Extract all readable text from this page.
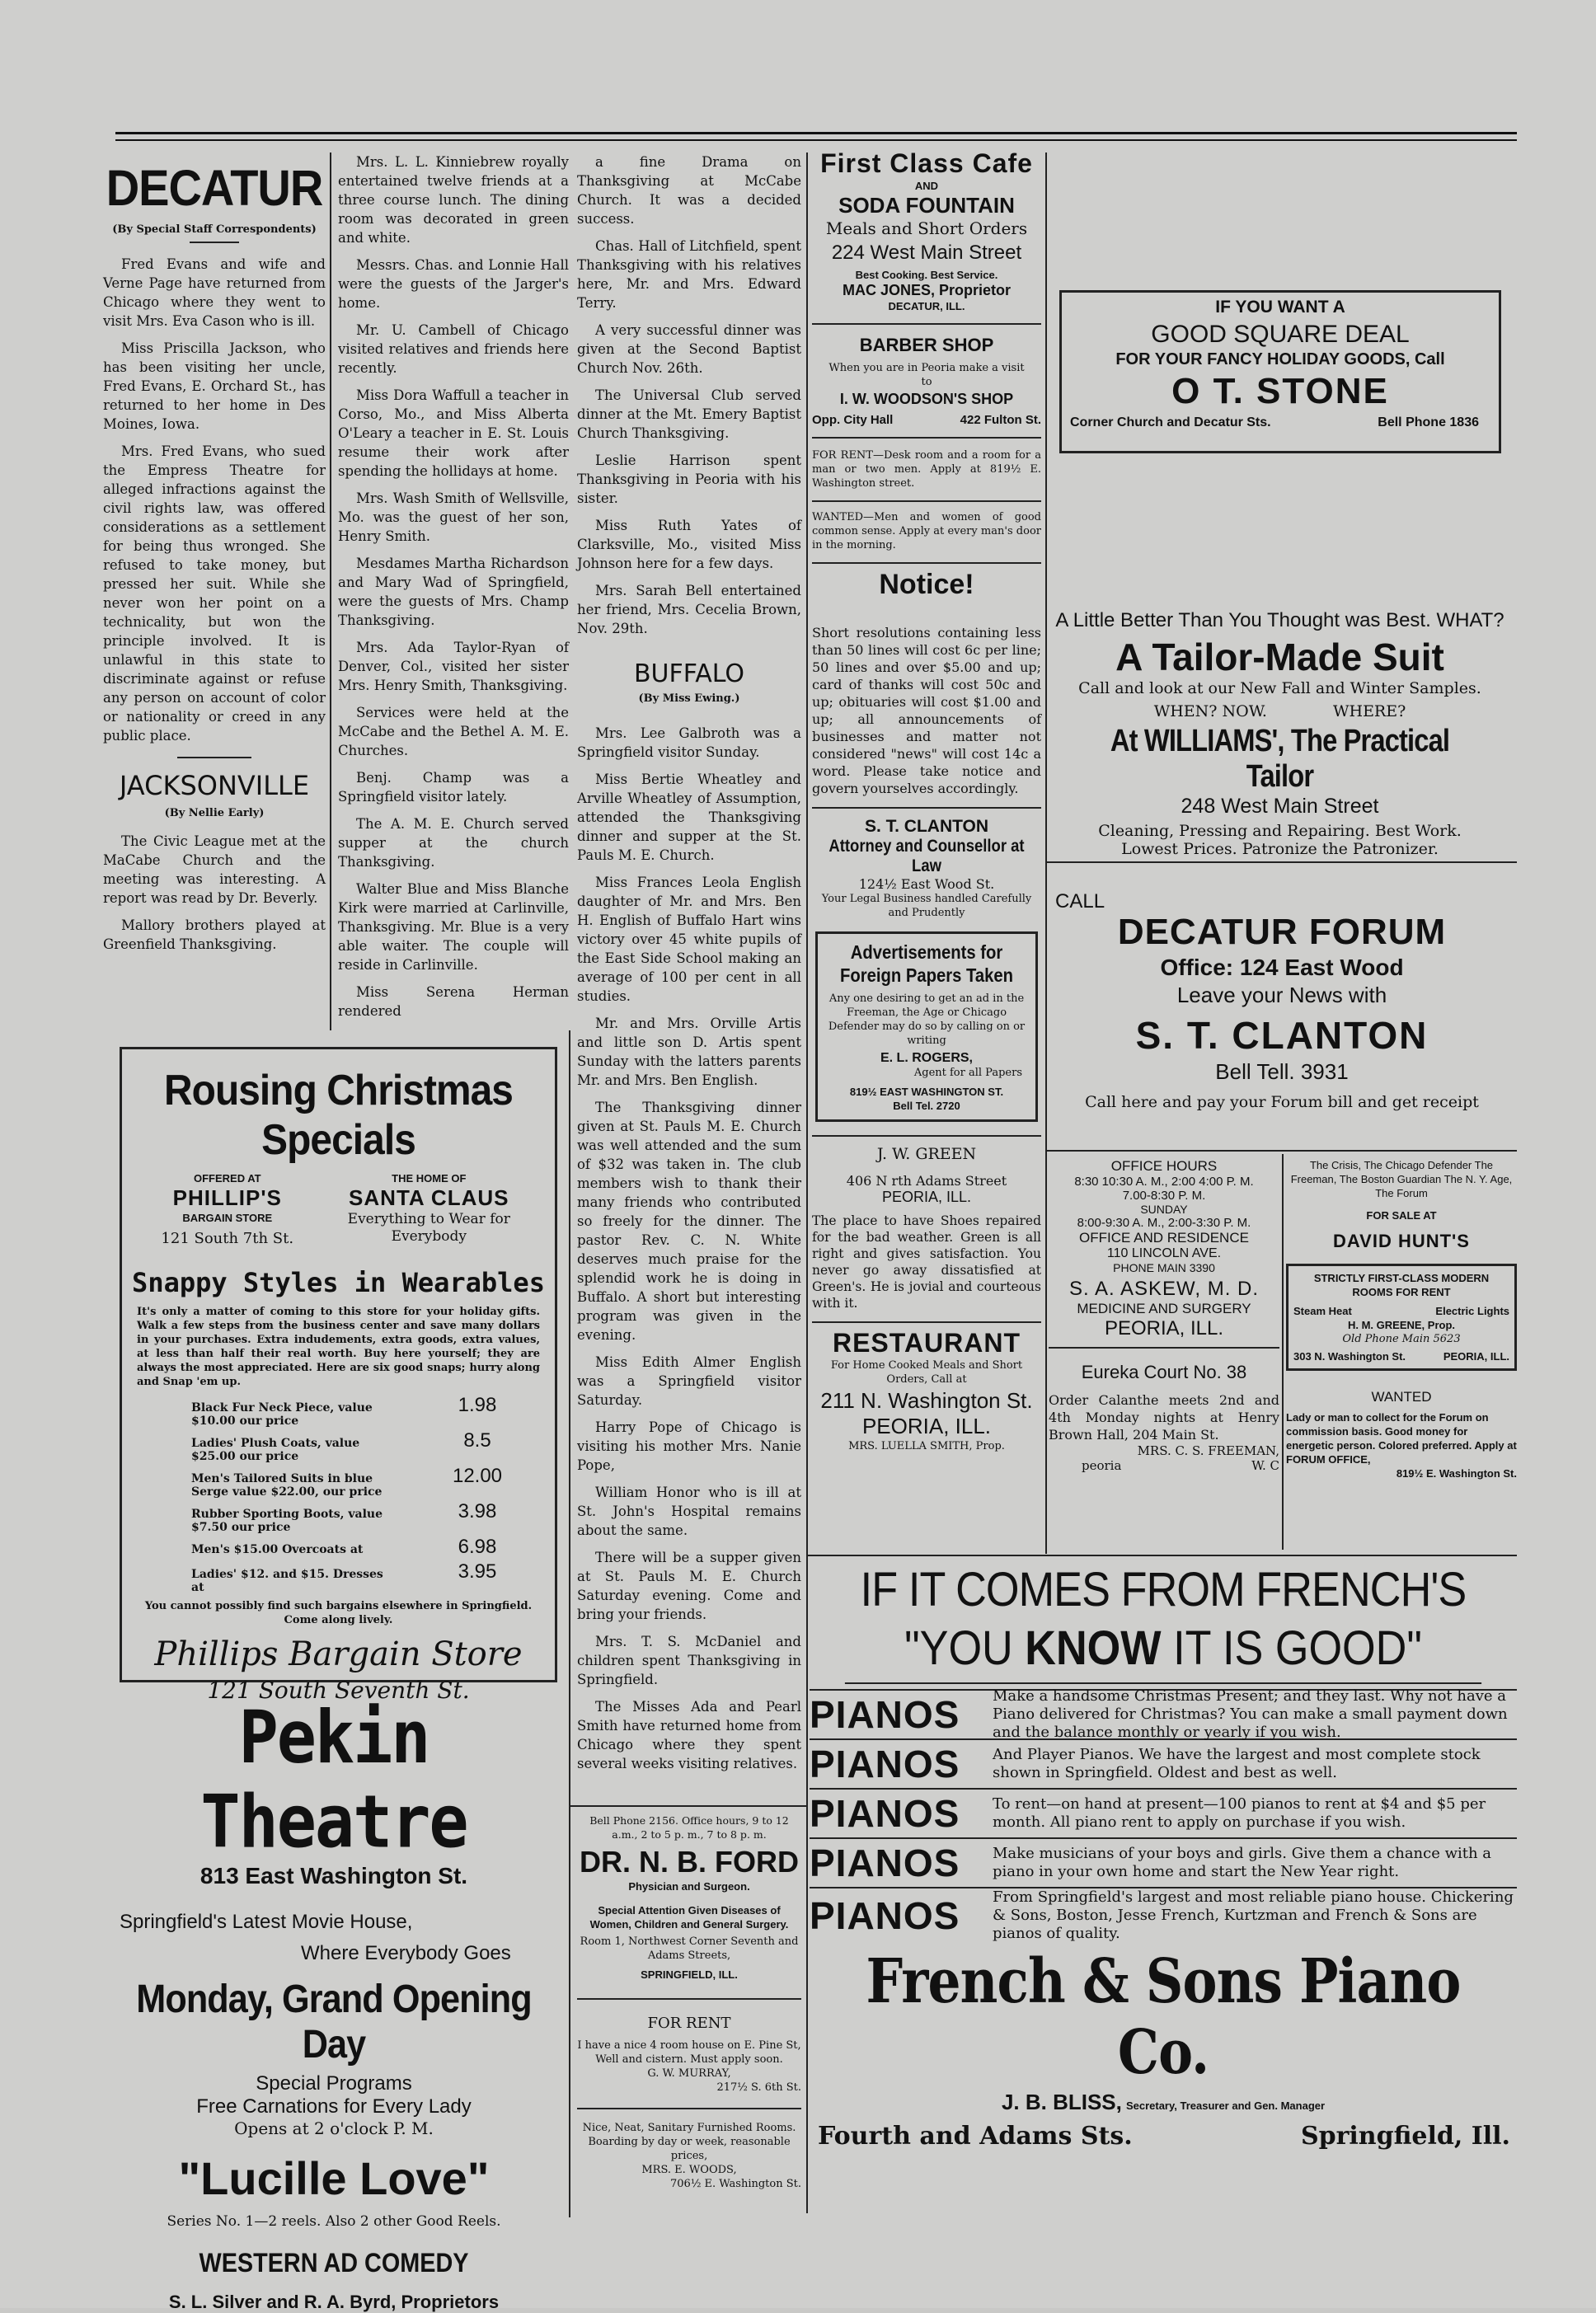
DECATUR
(By Special Staff Correspondents)

Fred Evans and wife and Verne Page have returned from Chicago where they went to visit Mrs. Eva Cason who is ill.

Miss Priscilla Jackson, who has been visiting her uncle, Fred Evans, E. Orchard St., has returned to her home in Des Moines, Iowa.

Mrs. Fred Evans, who sued the Empress Theatre for alleged infractions against the civil rights law, was offered considerations as a settlement for being thus wronged. She refused to take money, but pressed her suit. While she never won her point on a technicality, but won the principle involved. It is unlawful in this state to discriminate against or refuse any person on account of color or nationality or creed in any public place.

JACKSONVILLE
(By Nellie Early)

The Civic League met at the MaCabe Church and the meeting was interesting. A report was read by Dr. Beverly.

Mallory brothers played at Greenfield Thanksgiving.

Mrs. L. L. Kinniebrew royally entertained twelve friends at a three course lunch. The dining room was decorated in green and white.

Messrs. Chas. and Lonnie Hall were the guests of the Jarger's home.

Mr. U. Cambell of Chicago visited relatives and friends here recently.

Miss Dora Waffull a teacher in Corso, Mo., and Miss Alberta O'Leary a teacher in E. St. Louis resume their work after spending the hollidays at home.

Mrs. Wash Smith of Wellsville, Mo. was the guest of her son, Henry Smith.

Mesdames Martha Richardson and Mary Wad of Springfield, were the guests of Mrs. Champ Thanksgiving.

Mrs. Ada Taylor-Ryan of Denver, Col., visited her sister Mrs. Henry Smith, Thanksgiving.

Services were held at the McCabe and the Bethel A. M. E. Churches.

Benj. Champ was a Springfield visitor lately.

The A. M. E. Church served supper at the church Thanksgiving.

Walter Blue and Miss Blanche Kirk were married at Carlinville, Thanksgiving. Mr. Blue is a very able waiter. The couple will reside in Carlinville.

Miss Serena Herman rendered

a fine Drama on Thanksgiving at McCabe Church. It was a decided success.

Chas. Hall of Litchfield, spent Thanksgiving with his relatives here, Mr. and Mrs. Edward Terry.

A very successful dinner was given at the Second Baptist Church Nov. 26th.

The Universal Club served dinner at the Mt. Emery Baptist Church Thanksgiving.

Leslie Harrison spent Thanksgiving in Peoria with his sister.

Miss Ruth Yates of Clarksville, Mo., visited Miss Johnson here for a few days.

Mrs. Sarah Bell entertained her friend, Mrs. Cecelia Brown, Nov. 29th.

BUFFALO
(By Miss Ewing.)

Mrs. Lee Galbroth was a Springfield visitor Sunday.

Miss Bertie Wheatley and Arville Wheatley of Assumption, attended the Thanksgiving dinner and supper at the St. Pauls M. E. Church.

Miss Frances Leola English daughter of Mr. and Mrs. Ben H. English of Buffalo Hart wins victory over 45 white pupils of the East Side School making an average of 100 per cent in all studies.

Mr. and Mrs. Orville Artis and little son D. Artis spent Sunday with the latters parents Mr. and Mrs. Ben English.

The Thanksgiving dinner given at St. Pauls M. E. Church was well attended and the sum of $32 was taken in. The club members wish to thank their many friends who contributed so freely for the dinner. The pastor Rev. C. N. White deserves much praise for the splendid work he is doing in Buffalo. A short but interesting program was given in the evening.

Miss Edith Almer English was a Springfield visitor Saturday.

Harry Pope of Chicago is visiting his mother Mrs. Nanie Pope,

William Honor who is ill at St. John's Hospital remains about the same.

There will be a supper given at St. Pauls M. E. Church Saturday evening. Come and bring your friends.

Mrs. T. S. McDaniel and children spent Thanksgiving in Springfield.

The Misses Ada and Pearl Smith have returned home from Chicago where they spent several weeks visiting relatives.

Bell Phone 2156. Office hours, 9 to 12 a.m., 2 to 5 p. m., 7 to 8 p. m.
DR. N. B. FORD
Physician and Surgeon.
Special Attention Given Diseases of Women, Children and General Surgery.
Room 1, Northwest Corner Seventh and Adams Streets,
SPRINGFIELD, ILL.
FOR RENT
I have a nice 4 room house on E. Pine St, Well and cistern. Must apply soon.
G. W. MURRAY,
217½ S. 6th St.
Nice, Neat, Sanitary Furnished Rooms. Boarding by day or week, reasonable prices,
MRS. E. WOODS,
706½ E. Washington St.
Rousing Christmas Specials
OFFERED AT
PHILLIP'S
BARGAIN STORE
121 South 7th St.
THE HOME OF
SANTA CLAUS
Everything to Wear for Everybody
Snappy Styles in Wearables
It's only a matter of coming to this store for your holiday gifts. Walk a few steps from the business center and save many dollars in your purchases. Extra indudements, extra goods, extra values, at less than half their real worth. Buy here yourself; they are always the most appreciated. Here are six good snaps; hurry along and Snap 'em up.
Black Fur Neck Piece, value $10.00 our price
1.98
Ladies' Plush Coats, value $25.00 our price
8.5
Men's Tailored Suits in blue Serge value $22.00, our price
12.00
Rubber Sporting Boots, value $7.50 our price
3.98
Men's $15.00 Overcoats at	6.98
Ladies' $12. and $15. Dresses at
3.95
You cannot possibly find such bargains elsewhere in Springfield. Come along lively.
Phillips Bargain Store
121 South Seventh St.
Pekin Theatre
813 East Washington St.
Springfield's Latest Movie House,
Where Everybody Goes
Monday, Grand Opening Day
Special Programs
Free Carnations for Every Lady
Opens at 2 o'clock P. M.
"Lucille Love"
Series No. 1—2 reels. Also 2 other Good Reels.
WESTERN AD COMEDY
S. L. Silver and R. A. Byrd, Proprietors
First Class Cafe
AND
SODA FOUNTAIN
Meals and Short Orders
224 West Main Street
Best Cooking. Best Service.
MAC JONES, Proprietor
DECATUR, ILL.
BARBER SHOP
When you are in Peoria make a visit to
I. W. WOODSON'S SHOP
Opp. City Hall	422 Fulton St.
FOR RENT—Desk room and a room for a man or two men. Apply at 819½ E. Washington street.
WANTED—Men and women of good common sense. Apply at every man's door in the morning.
Notice!
Short resolutions containing less than 50 lines will cost 6c per line; 50 lines and over $5.00 and up; card of thanks will cost 50c and up; obituaries will cost $1.00 and up; all announcements of businesses and matter not considered "news" will cost 14c a word. Please take notice and govern yourselves accordingly.
S. T. CLANTON
Attorney and Counsellor at Law
124½ East Wood St.
Your Legal Business handled Carefully and Prudently
Advertisements for Foreign Papers Taken
Any one desiring to get an ad in the Freeman, the Age or Chicago Defender may do so by calling on or writing
E. L. ROGERS,
Agent for all Papers
819½ EAST WASHINGTON ST.
Bell Tel. 2720
J. W. GREEN
406 N rth Adams Street
PEORIA, ILL.
The place to have Shoes repaired for the bad weather. Green is all right and gives satisfaction. You never go away dissatisfied at Green's. He is jovial and courteous with it.
RESTAURANT
For Home Cooked Meals and Short Orders, Call at
211 N. Washington St.
PEORIA, ILL.
MRS. LUELLA SMITH, Prop.
IF YOU WANT A
GOOD SQUARE DEAL
FOR YOUR FANCY HOLIDAY GOODS, Call
O T. STONE
Corner Church and Decatur Sts.	Bell Phone 1836
A Little Better Than You Thought was Best. WHAT?
A Tailor-Made Suit
Call and look at our New Fall and Winter Samples.
WHEN? NOW.	WHERE?
At WILLIAMS', The Practical Tailor
248 West Main Street
Cleaning, Pressing and Repairing. Best Work.
Lowest Prices. Patronize the Patronizer.
CALL
DECATUR FORUM
Office: 124 East Wood
Leave your News with
S. T. CLANTON
Bell Tell. 3931
Call here and pay your Forum bill and get receipt
OFFICE HOURS
8:30 10:30 A. M., 2:00 4:00 P. M.
7.00-8:30 P. M.
SUNDAY
8:00-9:30 A. M., 2:00-3:30 P. M.
OFFICE AND RESIDENCE
110 LINCOLN AVE.
PHONE MAIN 3390
S. A. ASKEW, M. D.
MEDICINE AND SURGERY
PEORIA, ILL.
Eureka Court No. 38
Order Calanthe meets 2nd and 4th Monday nights at Henry Brown Hall, 204 Main St.
MRS. C. S. FREEMAN,
peoria	W. C
The Crisis, The Chicago Defender The Freeman, The Boston Guardian The N. Y. Age, The Forum
FOR SALE AT
DAVID HUNT'S
STRICTLY FIRST-CLASS MODERN ROOMS FOR RENT
Steam Heat	Electric Lights
H. M. GREENE, Prop.
Old Phone Main 5623
303 N. Washington St.	PEORIA, ILL.
WANTED
Lady or man to collect for the Forum on commission basis. Good money for energetic person. Colored preferred. Apply at FORUM OFFICE,
819½ E. Washington St.
IF IT COMES FROM FRENCH'S
"YOU KNOW IT IS GOOD"
PIANOS	Make a handsome Christmas Present; and they last. Why not have a Piano delivered for Christmas? You can make a small payment down and the balance monthly or yearly if you wish.
PIANOS	And Player Pianos. We have the largest and most complete stock shown in Springfield. Oldest and best as well.
PIANOS	To rent—on hand at present—100 pianos to rent at $4 and $5 per month. All piano rent to apply on purchase if you wish.
PIANOS	Make musicians of your boys and girls. Give them a chance with a piano in your own home and start the New Year right.
PIANOS	From Springfield's largest and most reliable piano house. Chickering & Sons, Boston, Jesse French, Kurtzman and French & Sons are pianos of quality.
French & Sons Piano Co.
J. B. BLISS, Secretary, Treasurer and Gen. Manager
Fourth and Adams Sts.	Springfield, Ill.
